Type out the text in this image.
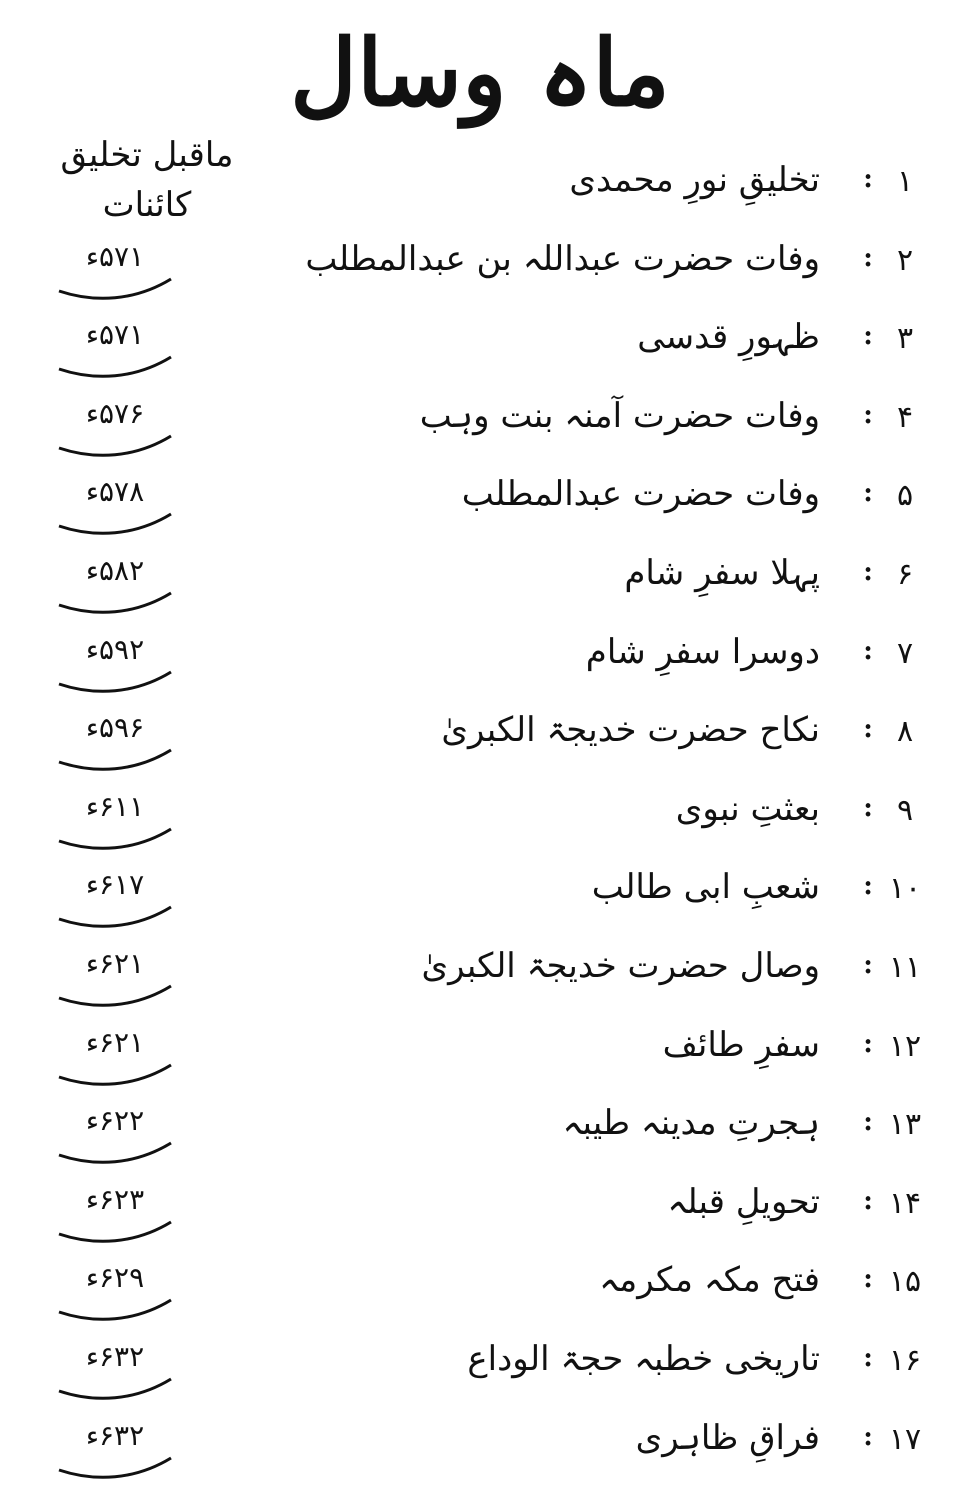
ماہ وسال
ماقبل تخلیق کائنات
۱
:
تخلیقِ نورِ محمدی
۲
:
وفات حضرت عبداللہ بن عبدالمطلب
۵۷۱ء
۳
:
ظہورِ قدسی
۵۷۱ء
۴
:
وفات حضرت آمنہ بنت وہب
۵۷۶ء
۵
:
وفات حضرت عبدالمطلب
۵۷۸ء
۶
:
پہلا سفرِ شام
۵۸۲ء
۷
:
دوسرا سفرِ شام
۵۹۲ء
۸
:
نکاح حضرت خدیجۃ الکبریٰ
۵۹۶ء
۹
:
بعثتِ نبوی
۶۱۱ء
۱۰
:
شعبِ ابی طالب
۶۱۷ء
۱۱
:
وصال حضرت خدیجۃ الکبریٰ
۶۲۱ء
۱۲
:
سفرِ طائف
۶۲۱ء
۱۳
:
ہجرتِ مدینہ طیبہ
۶۲۲ء
۱۴
:
تحویلِ قبلہ
۶۲۳ء
۱۵
:
فتح مکہ مکرمہ
۶۲۹ء
۱۶
:
تاریخی خطبہ حجۃ الوداع
۶۳۲ء
۱۷
:
فراقِ ظاہری
۶۳۲ء
